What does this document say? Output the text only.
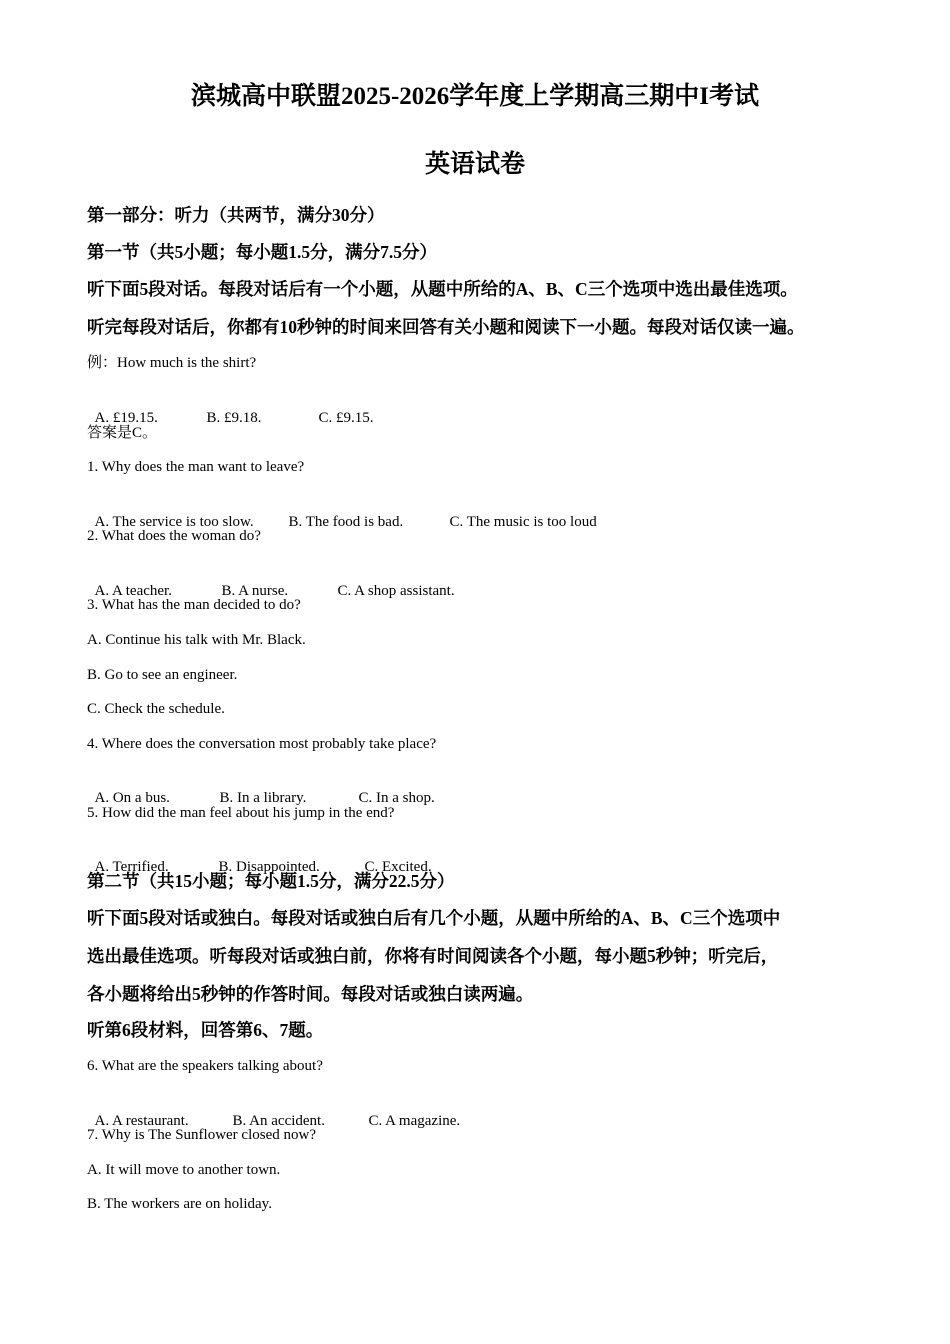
滨城高中联盟2025-2026学年度上学期高三期中I考试
英语试卷
第一部分：听力（共两节，满分30分）
第一节（共5小题；每小题1.5分，满分7.5分）
听下面5段对话。每段对话后有一个小题，从题中所给的A、B、C三个选项中选出最佳选项。
听完每段对话后，你都有10秒钟的时间来回答有关小题和阅读下一小题。每段对话仅读一遍。
例：How much is the shirt?

A. £19.15.	B. £9.18.	C. £9.15.

答案是C。
1. Why does the man want to leave?

A. The service is too slow. B. The food is bad.	C. The music is too loud

2. What does the woman do?

A. A teacher.	B. A nurse.	C. A shop assistant.

3. What has the man decided to do?
A. Continue his talk with Mr. Black.
B. Go to see an engineer.
C. Check the schedule.
4. Where does the conversation most probably take place?

A. On a bus.	B. In a library.	C. In a shop.

5. How did the man feel about his jump in the end?

A. Terrified.	B. Disappointed.	C. Excited.

第二节（共15小题；每小题1.5分，满分22.5分）
听下面5段对话或独白。每段对话或独白后有几个小题，从题中所给的A、B、C三个选项中
选出最佳选项。听每段对话或独白前，你将有时间阅读各个小题，每小题5秒钟；听完后，
各小题将给出5秒钟的作答时间。每段对话或独白读两遍。
听第6段材料，回答第6、7题。
6. What are the speakers talking about?

A. A restaurant.	B. An accident.	C. A magazine.

7. Why is The Sunflower closed now?
A. It will move to another town.
B. The workers are on holiday.
